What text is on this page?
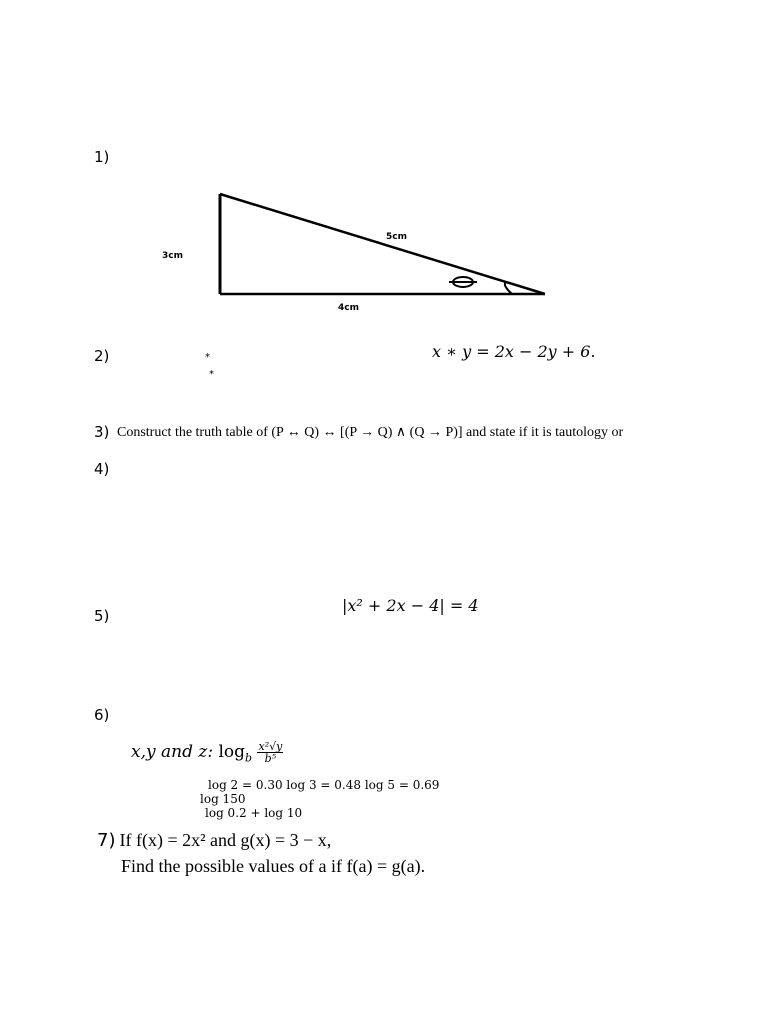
1)
3cm
5cm
4cm
2)	*
*
x ∗ y = 2x − 2y + 6.
3) Construct the truth table of (P ↔ Q) ↔ [(P → Q) ∧ (Q → P)] and state if it is tautology or
4)
|x² + 2x − 4| = 4
5)
6)
x,y and z: $\log_b \frac{\text{x²√y}}{\text{b⁵}}$
log 2 = 0.30 log 3 = 0.48 log 5 = 0.69
log 150
log 0.2 + log 10
7) If f(x) = 2x² and g(x) = 3 − x,
Find the possible values of a if f(a) = g(a).
